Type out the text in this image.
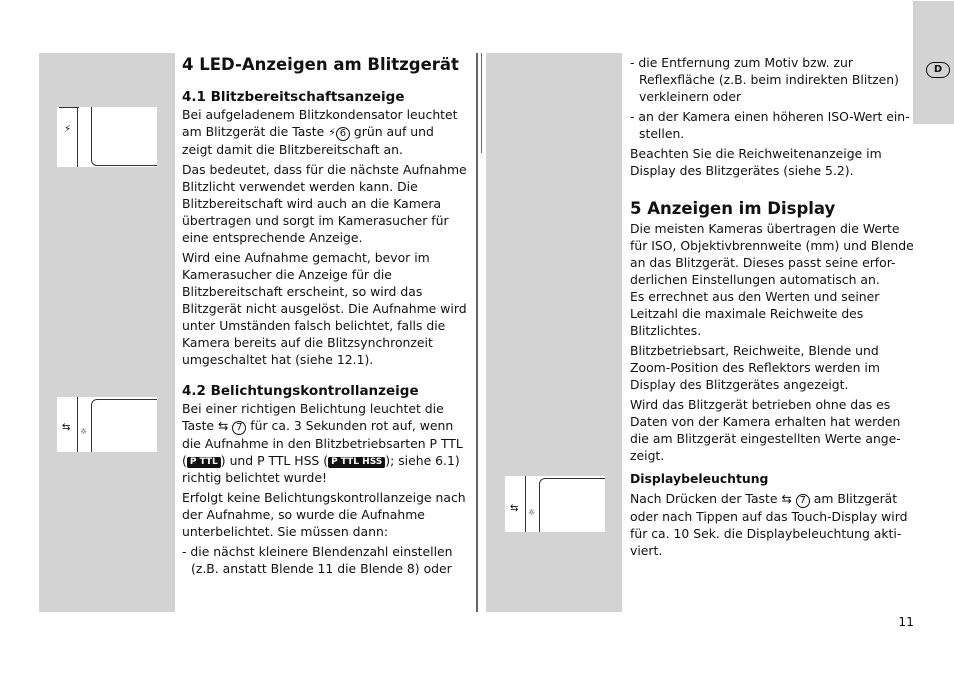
D
⚡
⇆ ☼
⇆ ☼
4 LED-Anzeigen am Blitzgerät
4.1 Blitzbereitschaftsanzeige

Bei aufgeladenem Blitzkondensator leuchtet am Blitzgerät die Taste ⚡ 6 grün auf und zeigt damit die Blitzbereitschaft an.

Das bedeutet, dass für die nächste Aufnahme Blitzlicht verwendet werden kann. Die Blitzbereitschaft wird auch an die Kamera übertragen und sorgt im Kamerasucher für eine entsprechende Anzeige.

Wird eine Aufnahme gemacht, bevor im Kamerasucher die Anzeige für die Blitzbereitschaft erscheint, so wird das Blitzgerät nicht ausgelöst. Die Aufnahme wird unter Umständen falsch belichtet, falls die Kamera bereits auf die Blitzsynchronzeit umgeschaltet hat (siehe 12.1).

4.2 Belichtungskontrollanzeige

Bei einer richtigen Belichtung leuchtet die Taste ⇆ 7 für ca. 3 Sekunden rot auf, wenn die Aufnahme in den Blitzbetriebsarten P TTL ( P TTL ) und P TTL HSS ( P TTL HSS ); siehe 6.1) richtig belichtet wurde!

Erfolgt keine Belichtungskontrollanzeige nach der Aufnahme, so wurde die Aufnahme unterbelichtet. Sie müssen dann:

- die nächst kleinere Blendenzahl einstellen (z.B. anstatt Blende 11 die Blende 8) oder

- die Entfernung zum Motiv bzw. zur Reflexfläche (z.B. beim indirekten Blitzen) verkleinern oder

- an der Kamera einen höheren ISO-Wert ein-stellen.

Beachten Sie die Reichweitenanzeige im Display des Blitzgerätes (siehe 5.2).

5 Anzeigen im Display

Die meisten Kameras übertragen die Werte für ISO, Objektivbrennweite (mm) und Blende an das Blitzgerät. Dieses passt seine erfor-derlichen Einstellungen automatisch an.

Es errechnet aus den Werten und seiner Leitzahl die maximale Reichweite des Blitzlichtes.

Blitzbetriebsart, Reichweite, Blende und Zoom-Position des Reflektors werden im Display des Blitzgerätes angezeigt.

Wird das Blitzgerät betrieben ohne das es Daten von der Kamera erhalten hat werden die am Blitzgerät eingestellten Werte ange-zeigt.

Displaybeleuchtung

Nach Drücken der Taste ⇆ 7 am Blitzgerät oder nach Tippen auf das Touch-Display wird für ca. 10 Sek. die Displaybeleuchtung akti-viert.

11
